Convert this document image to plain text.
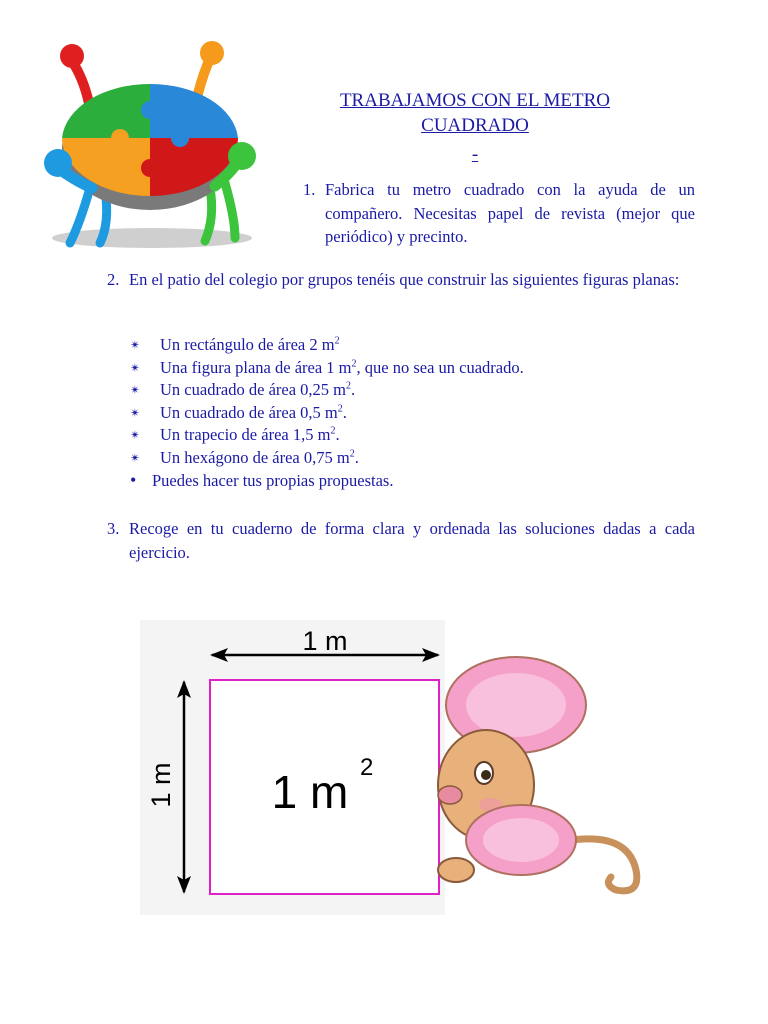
TRABAJAMOS CON EL METRO
CUADRADO
-
1. Fabrica tu metro cuadrado con la ayuda de un compañero. Necesitas papel de revista (mejor que periódico) y precinto.
2. En el patio del colegio por grupos tenéis que construir las siguientes figuras planas:
✴ Un rectángulo de área 2 $m^2$
✴ Una figura plana de área 1 $m^2$, que no sea un cuadrado.
✴ Un cuadrado de área 0,25 $m^2$.
✴ Un cuadrado de área 0,5 $m^2$.
✴ Un trapecio de área 1,5 $m^2$.
✴ Un hexágono de área 0,75 $m^2$.
• Puedes hacer tus propias propuestas.
3. Recoge en tu cuaderno de forma clara y ordenada las soluciones dadas a cada ejercicio.
1 m
1 m 1 m 2
